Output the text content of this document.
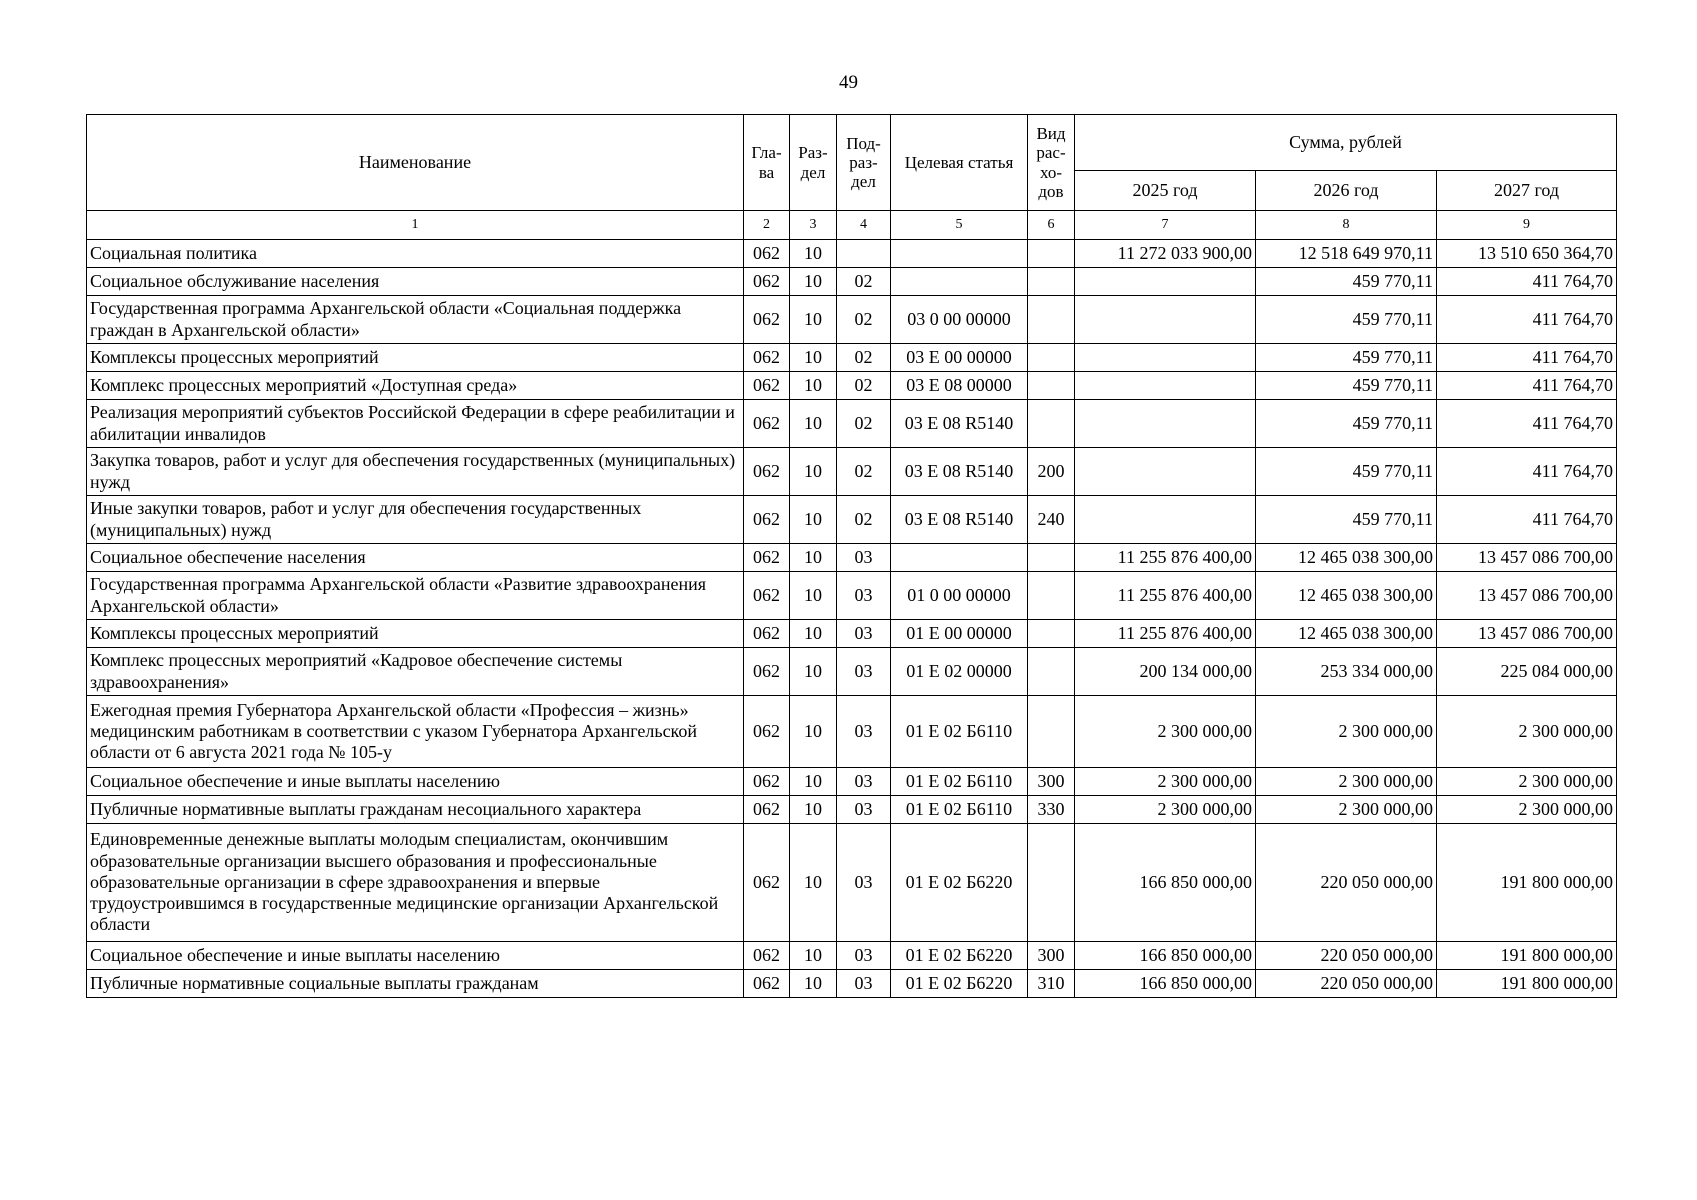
49
Наименование	Гла-ва	Раз-дел	Под-раз-дел	Целевая статья	Вид рас-хо-дов	Сумма, рублей		
						2025 год	2026 год	2027 год
1	2	3	4	5	6	7	8	9
Социальная политика	062	10				11 272 033 900,00	12 518 649 970,11	13 510 650 364,70
Социальное обслуживание населения	062	10	02				459 770,11	411 764,70
Государственная программа Архангельской области «Социальная поддержка граждан в Архангельской области»	062	10	02	03 0 00 00000			459 770,11	411 764,70
Комплексы процессных мероприятий	062	10	02	03 Е 00 00000			459 770,11	411 764,70
Комплекс процессных мероприятий «Доступная среда»	062	10	02	03 Е 08 00000			459 770,11	411 764,70
Реализация мероприятий субъектов Российской Федерации в сфере реабилитации и абилитации инвалидов	062	10	02	03 Е 08 R5140			459 770,11	411 764,70
Закупка товаров, работ и услуг для обеспечения государственных (муниципальных) нужд	062	10	02	03 Е 08 R5140	200		459 770,11	411 764,70
Иные закупки товаров, работ и услуг для обеспечения государственных (муниципальных) нужд	062	10	02	03 Е 08 R5140	240		459 770,11	411 764,70
Социальное обеспечение населения	062	10	03			11 255 876 400,00	12 465 038 300,00	13 457 086 700,00
Государственная программа Архангельской области «Развитие здравоохранения Архангельской области»	062	10	03	01 0 00 00000		11 255 876 400,00	12 465 038 300,00	13 457 086 700,00
Комплексы процессных мероприятий	062	10	03	01 Е 00 00000		11 255 876 400,00	12 465 038 300,00	13 457 086 700,00
Комплекс процессных мероприятий «Кадровое обеспечение системы здравоохранения»	062	10	03	01 Е 02 00000		200 134 000,00	253 334 000,00	225 084 000,00
Ежегодная премия Губернатора Архангельской области «Профессия – жизнь» медицинским работникам в соответствии с указом Губернатора Архангельской области от 6 августа 2021 года № 105-у	062	10	03	01 Е 02 Б6110		2 300 000,00	2 300 000,00	2 300 000,00
Социальное обеспечение и иные выплаты населению	062	10	03	01 Е 02 Б6110	300	2 300 000,00	2 300 000,00	2 300 000,00
Публичные нормативные выплаты гражданам несоциального характера	062	10	03	01 Е 02 Б6110	330	2 300 000,00	2 300 000,00	2 300 000,00
Единовременные денежные выплаты молодым специалистам, окончившим образовательные организации высшего образования и профессиональные образовательные организации в сфере здравоохранения и впервые трудоустроившимся в государственные медицинские организации Архангельской области	062	10	03	01 Е 02 Б6220		166 850 000,00	220 050 000,00	191 800 000,00
Социальное обеспечение и иные выплаты населению	062	10	03	01 Е 02 Б6220	300	166 850 000,00	220 050 000,00	191 800 000,00
Публичные нормативные социальные выплаты гражданам	062	10	03	01 Е 02 Б6220	310	166 850 000,00	220 050 000,00	191 800 000,00
